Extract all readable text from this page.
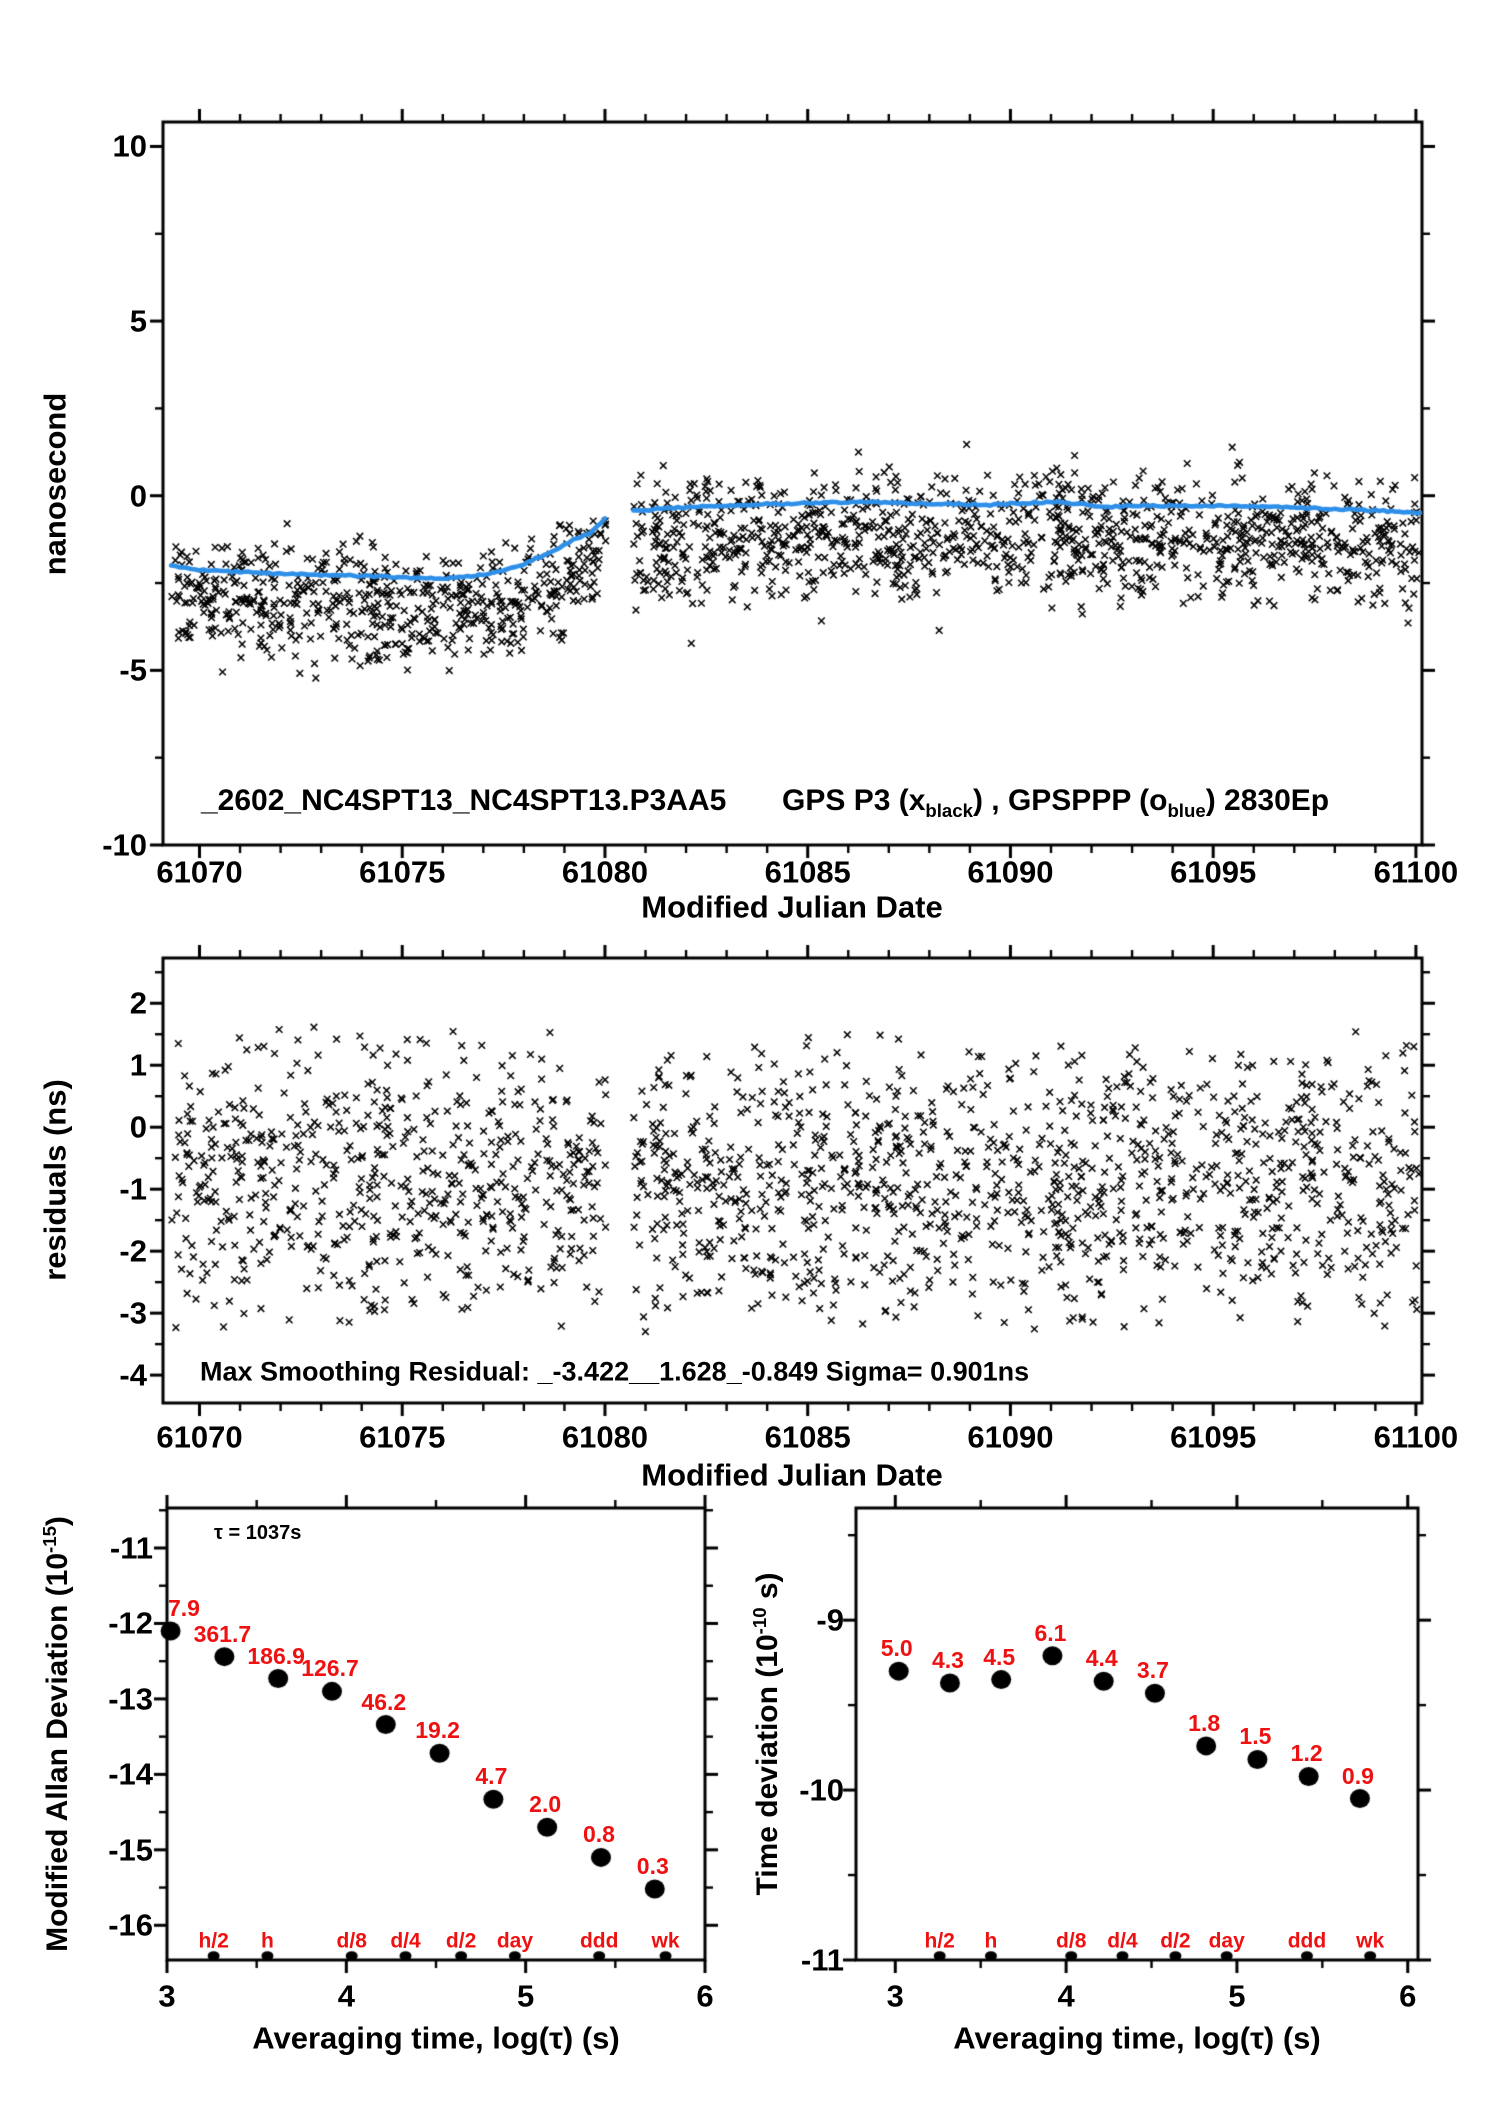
nanosecond
_2602_NC4SPT13_NC4SPT13.P3AA5 GPS P3 $(x_{black})$ , GPSPPP $(o_{blue})$ 2830Ep
Modified Julian Date
residuals (ns)
Max Smoothing Residual: _-3.422__1.628_-0.849 Sigma= 0.901ns
Modified Julian Date
Modified Allan Deviation $(10^{-15})$
τ = 1037s
Averaging time, log(τ) (s)
Time deviation ($10^{-10}$ s)
Averaging time, log(τ) (s)
61070	61075	61080	61085	61090	61095	61100
10
5
0
-5
-10
61070	61075	61080	61085	61090	61095	61100
2
1
0
-1
-2
-3
-4
3	4	5	6
-11
-12
-13
-14
-15
-16
3	4	5	6
-9
-10
-11
7.9
361.7
186.9
126.7
46.2
19.2
4.7
2.0
0.8
0.3
5.0 4.3 4.5
6.1
4.4 3.7
1.8
1.5
1.2
0.9
h/2 h	d/8 d/4 d/2 day ddd wk	h/2 h	d/8 d/4 d/2 day ddd wk
